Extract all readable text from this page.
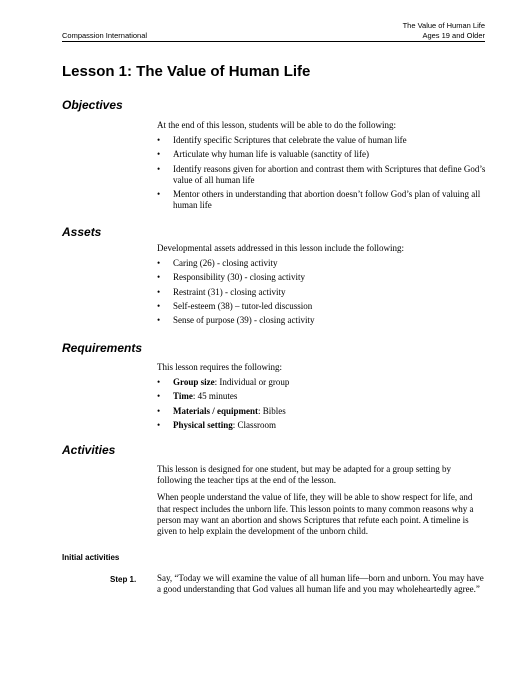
Compassion International
The Value of Human Life
Ages 19 and Older
Lesson 1: The Value of Human Life
Objectives

At the end of this lesson, students will be able to do the following:

• Identify specific Scriptures that celebrate the value of human life
• Articulate why human life is valuable (sanctity of life)
• Identify reasons given for abortion and contrast them with Scriptures that define God’s value of all human life
• Mentor others in understanding that abortion doesn’t follow God’s plan of valuing all human life
Assets

Developmental assets addressed in this lesson include the following:

• Caring (26) - closing activity
• Responsibility (30) - closing activity
• Restraint (31) - closing activity
• Self-esteem (38) – tutor-led discussion
• Sense of purpose (39) - closing activity
Requirements

This lesson requires the following:

• Group size: Individual or group
• Time: 45 minutes
• Materials / equipment: Bibles
• Physical setting: Classroom
Activities

This lesson is designed for one student, but may be adapted for a group setting by following the teacher tips at the end of the lesson.

When people understand the value of life, they will be able to show respect for life, and that respect includes the unborn life. This lesson points to many common reasons why a person may want an abortion and shows Scriptures that refute each point. A timeline is given to help explain the development of the unborn child.

Initial activities
Step 1. Say, “Today we will examine the value of all human life—born and unborn. You may have a good understanding that God values all human life and you may wholeheartedly agree.”
